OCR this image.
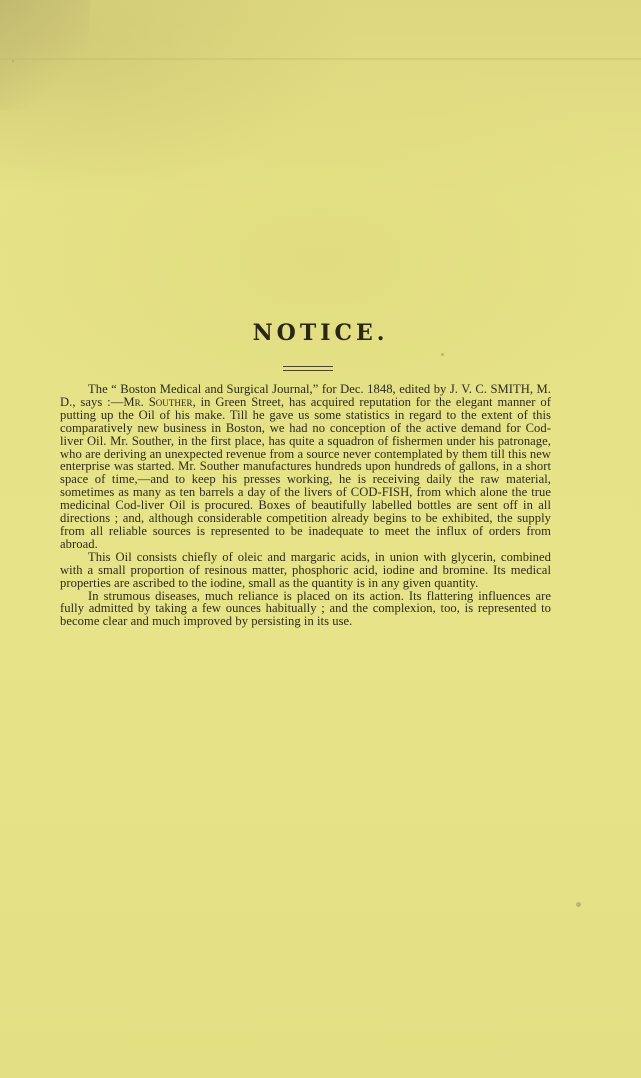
NOTICE.

The “ Boston Medical and Surgical Journal,” for Dec. 1848, edited by J. V. C. SMITH, M. D., says :—Mr. Souther, in Green Street, has acquired reputation for the elegant manner of putting up the Oil of his make. Till he gave us some statistics in regard to the extent of this comparatively new business in Boston, we had no conception of the active demand for Cod-liver Oil. Mr. Souther, in the first place, has quite a squadron of fishermen under his patronage, who are deriving an unexpected revenue from a source never contemplated by them till this new enterprise was started. Mr. Souther manufactures hundreds upon hundreds of gallons, in a short space of time,—and to keep his presses working, he is receiving daily the raw material, sometimes as many as ten barrels a day of the livers of COD-FISH, from which alone the true medicinal Cod-liver Oil is procured. Boxes of beautifully labelled bottles are sent off in all directions ; and, although considerable competition already begins to be exhibited, the supply from all reliable sources is represented to be inadequate to meet the influx of orders from abroad.

This Oil consists chiefly of oleic and margaric acids, in union with glycerin, combined with a small proportion of resinous matter, phosphoric acid, iodine and bromine. Its medical properties are ascribed to the iodine, small as the quantity is in any given quantity.

In strumous diseases, much reliance is placed on its action. Its flattering influences are fully admitted by taking a few ounces habitually ; and the complexion, too, is represented to become clear and much improved by persisting in its use.
